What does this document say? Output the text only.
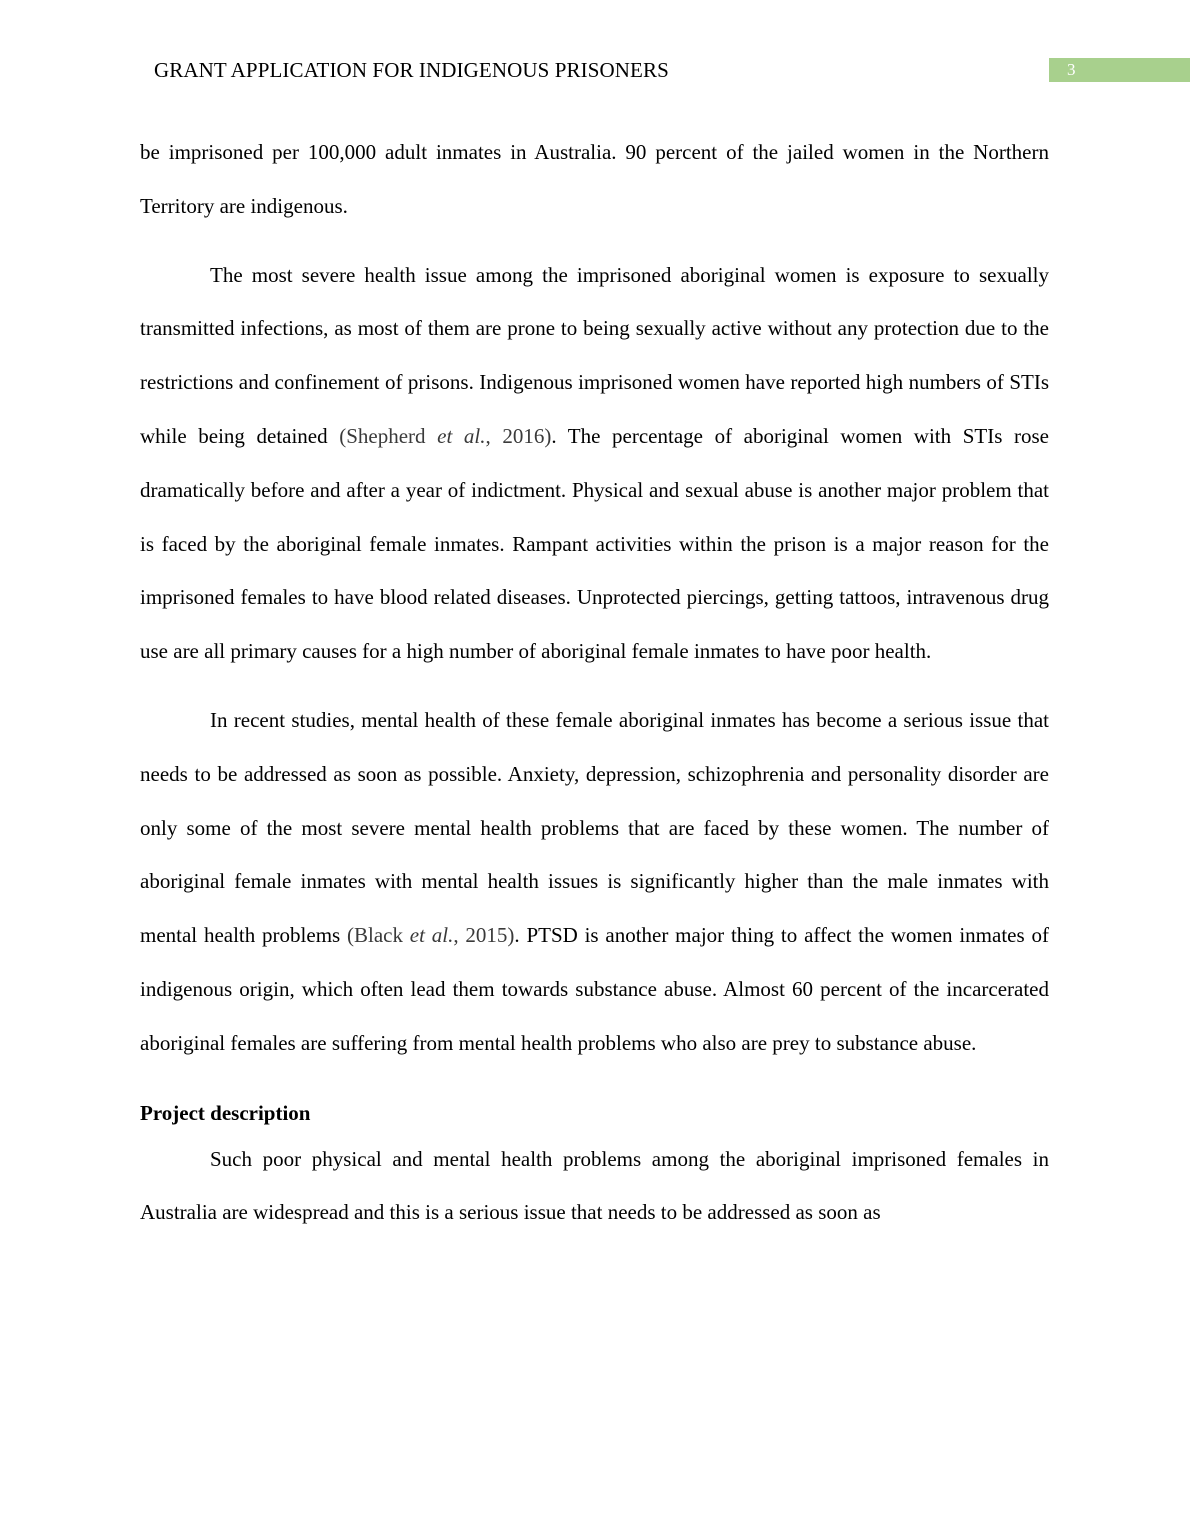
GRANT APPLICATION FOR INDIGENOUS PRISONERS	3

be imprisoned per 100,000 adult inmates in Australia. 90 percent of the jailed women in the Northern Territory are indigenous.

The most severe health issue among the imprisoned aboriginal women is exposure to sexually transmitted infections, as most of them are prone to being sexually active without any protection due to the restrictions and confinement of prisons. Indigenous imprisoned women have reported high numbers of STIs while being detained (Shepherd et al., 2016). The percentage of aboriginal women with STIs rose dramatically before and after a year of indictment. Physical and sexual abuse is another major problem that is faced by the aboriginal female inmates. Rampant activities within the prison is a major reason for the imprisoned females to have blood related diseases. Unprotected piercings, getting tattoos, intravenous drug use are all primary causes for a high number of aboriginal female inmates to have poor health.

In recent studies, mental health of these female aboriginal inmates has become a serious issue that needs to be addressed as soon as possible. Anxiety, depression, schizophrenia and personality disorder are only some of the most severe mental health problems that are faced by these women. The number of aboriginal female inmates with mental health issues is significantly higher than the male inmates with mental health problems (Black et al., 2015). PTSD is another major thing to affect the women inmates of indigenous origin, which often lead them towards substance abuse. Almost 60 percent of the incarcerated aboriginal females are suffering from mental health problems who also are prey to substance abuse.

Project description

Such poor physical and mental health problems among the aboriginal imprisoned females in Australia are widespread and this is a serious issue that needs to be addressed as soon as
